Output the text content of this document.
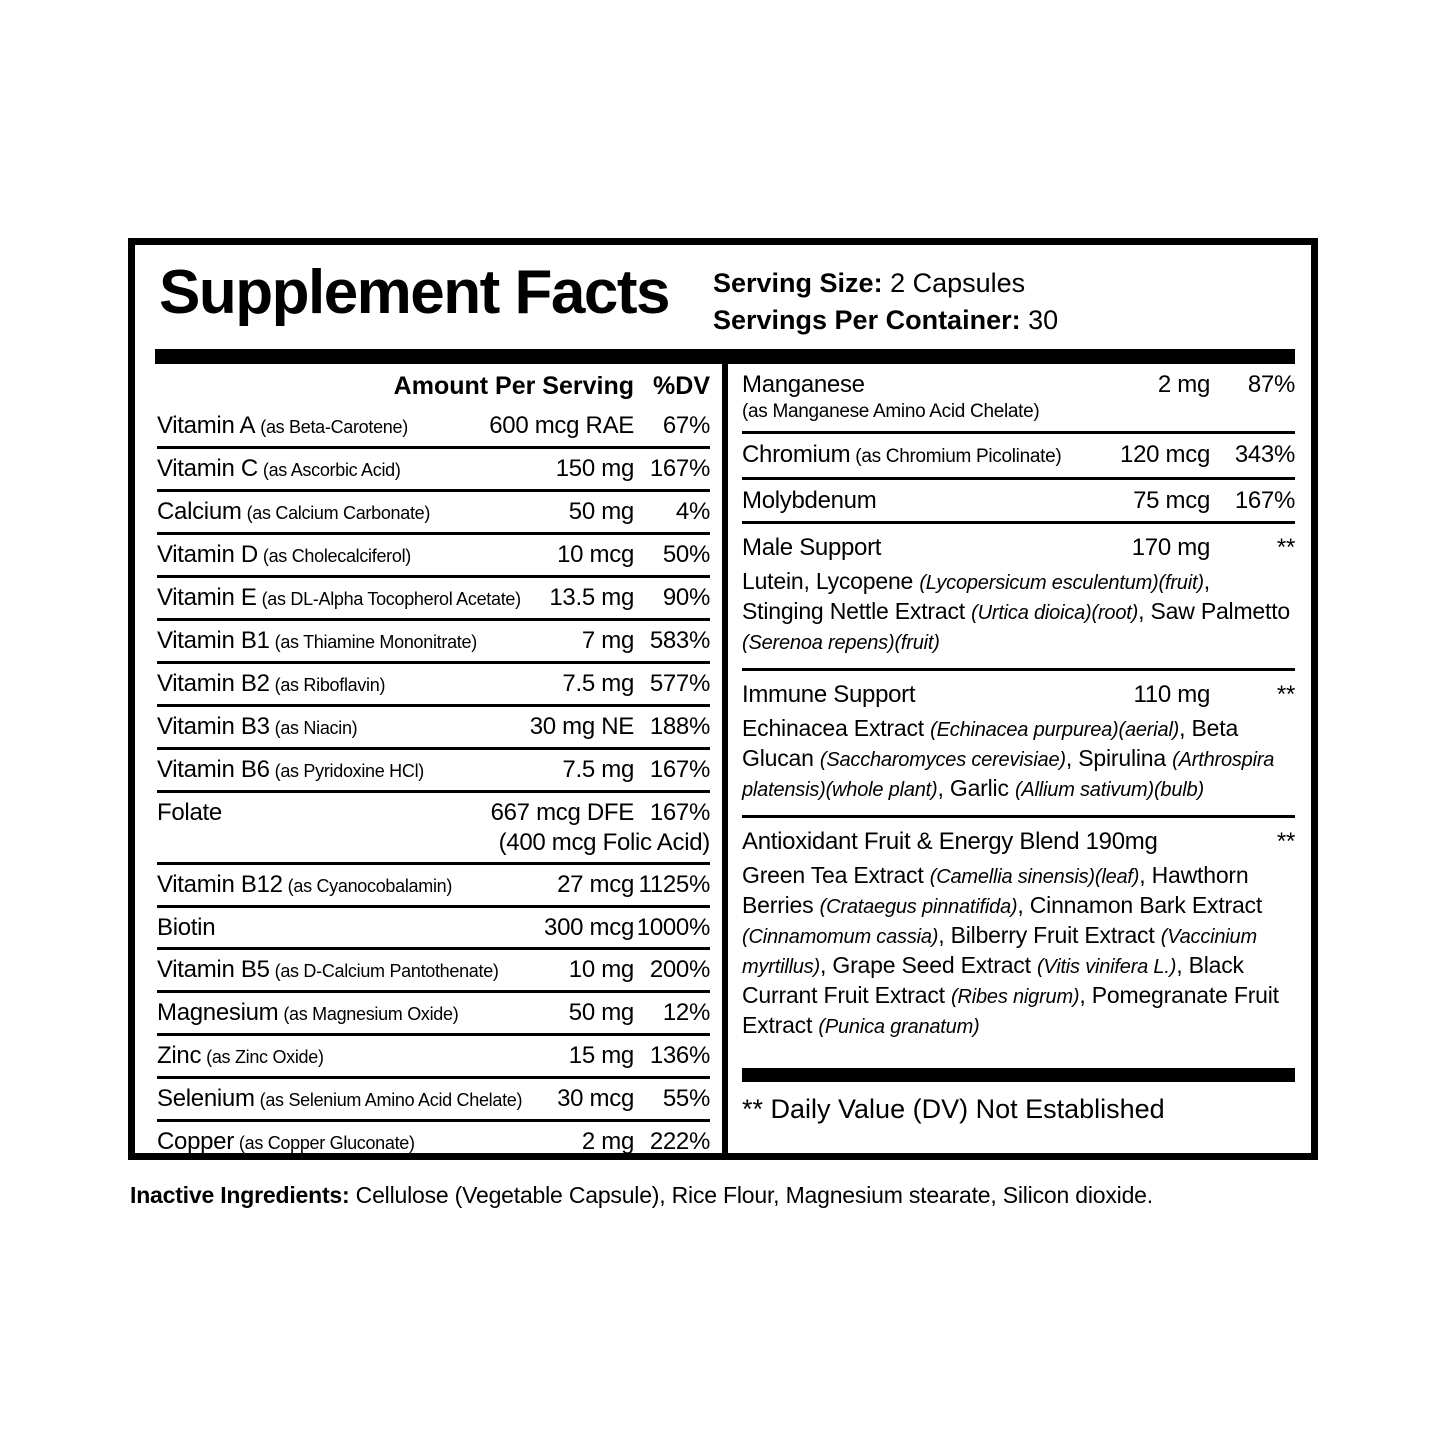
Supplement Facts Serving Size: 2 Capsules
Servings Per Container: 30
Amount Per Serving %DV
Vitamin A (as Beta-Carotene)	600 mcg RAE	67%
Vitamin C (as Ascorbic Acid)	150 mg 167%
Calcium (as Calcium Carbonate)	50 mg	4%
Vitamin D (as Cholecalciferol)	10 mcg	50%
Vitamin E (as DL-Alpha Tocopherol Acetate) 13.5 mg	90%
Vitamin B1 (as Thiamine Mononitrate)	7 mg 583%
Vitamin B2 (as Riboflavin)	7.5 mg 577%
Vitamin B3 (as Niacin)	30 mg NE 188%
Vitamin B6 (as Pyridoxine HCl)	7.5 mg 167%
Folate	667 mcg DFE 167%
(400 mcg Folic Acid)
Vitamin B12 (as Cyanocobalamin)	27 mcg 1125%
Biotin	300 mcg 1000%
Vitamin B5 (as D-Calcium Pantothenate)	10 mg 200%
Magnesium (as Magnesium Oxide)	50 mg	12%
Zinc (as Zinc Oxide)	15 mg 136%
Selenium (as Selenium Amino Acid Chelate) 30 mcg	55%
Copper (as Copper Gluconate)	2 mg 222%
Manganese	2 mg	87%
(as Manganese Amino Acid Chelate)
Chromium (as Chromium Picolinate) 120 mcg	343%
Molybdenum	75 mcg	167%
Male Support	170 mg	**
Lutein, Lycopene (Lycopersicum esculentum)(fruit), Stinging Nettle Extract (Urtica dioica)(root), Saw Palmetto (Serenoa repens)(fruit)
Immune Support	110 mg	**
Echinacea Extract (Echinacea purpurea)(aerial), Beta Glucan (Saccharomyces cerevisiae), Spirulina (Arthrospira platensis)(whole plant), Garlic (Allium sativum)(bulb)
Antioxidant Fruit & Energy Blend 190mg	**
Green Tea Extract (Camellia sinensis)(leaf), Hawthorn Berries (Crataegus pinnatifida), Cinnamon Bark Extract (Cinnamomum cassia), Bilberry Fruit Extract (Vaccinium myrtillus), Grape Seed Extract (Vitis vinifera L.), Black Currant Fruit Extract (Ribes nigrum), Pomegranate Fruit Extract (Punica granatum)
** Daily Value (DV) Not Established
Inactive Ingredients: Cellulose (Vegetable Capsule), Rice Flour, Magnesium stearate, Silicon dioxide.
